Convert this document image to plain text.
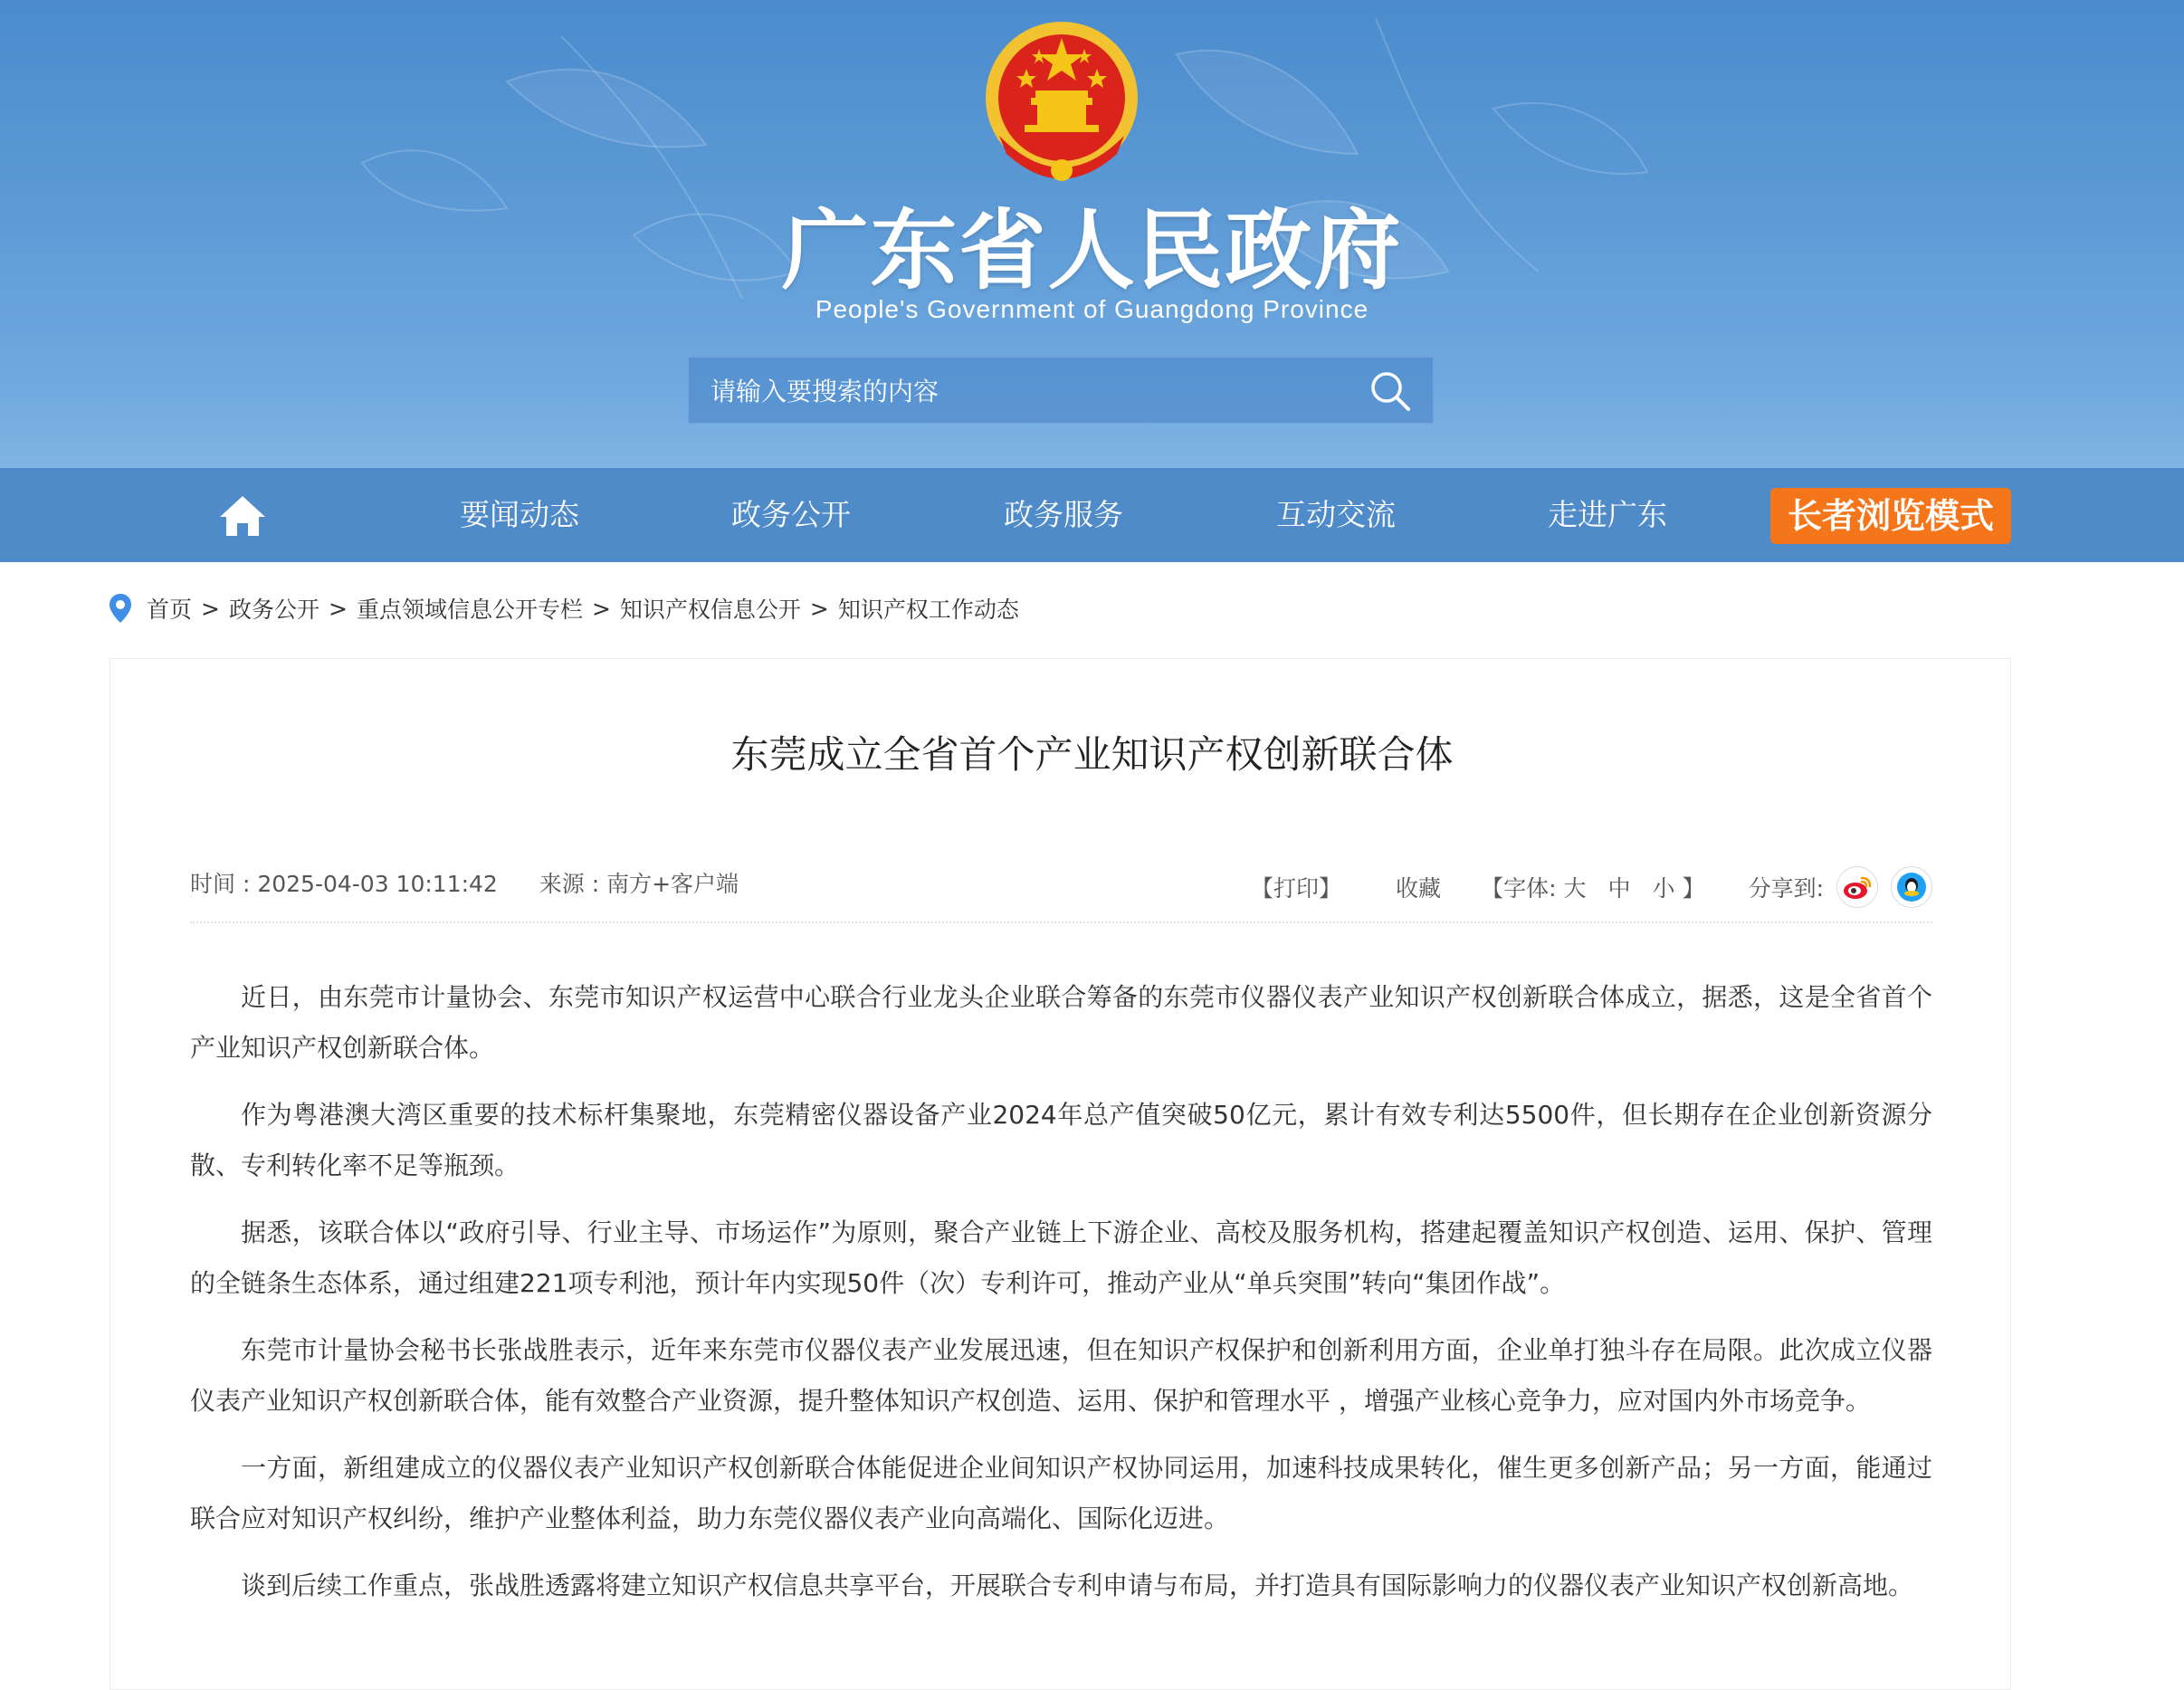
广东省人民政府
People's Government of Guangdong Province
请输入要搜索的内容
要闻动态	政务公开	政务服务	互动交流	走进广东	长者浏览模式
首页 > 政务公开 > 重点领域信息公开专栏 > 知识产权信息公开 > 知识产权工作动态
东莞成立全省首个产业知识产权创新联合体
时间 : 2025-04-03 10:11:42 来源 : 南方+客户端	【打印】 收藏 【字体: 大 中 小 】 分享到:

近日，由东莞市计量协会、东莞市知识产权运营中心联合行业龙头企业联合筹备的东莞市仪器仪表产业知识产权创新联合体成立，据悉，这是全省首个产业知识产权创新联合体。

作为粤港澳大湾区重要的技术标杆集聚地，东莞精密仪器设备产业2024年总产值突破50亿元，累计有效专利达5500件，但长期存在企业创新资源分散、专利转化率不足等瓶颈。

据悉，该联合体以“政府引导、行业主导、市场运作”为原则，聚合产业链上下游企业、高校及服务机构，搭建起覆盖知识产权创造、运用、保护、管理的全链条生态体系，通过组建221项专利池，预计年内实现50件（次）专利许可，推动产业从“单兵突围”转向“集团作战”。

东莞市计量协会秘书长张战胜表示，近年来东莞市仪器仪表产业发展迅速，但在知识产权保护和创新利用方面，企业单打独斗存在局限。此次成立仪器仪表产业知识产权创新联合体，能有效整合产业资源，提升整体知识产权创造、运用、保护和管理水平 ，增强产业核心竞争力，应对国内外市场竞争。

一方面，新组建成立的仪器仪表产业知识产权创新联合体能促进企业间知识产权协同运用，加速科技成果转化，催生更多创新产品；另一方面，能通过联合应对知识产权纠纷，维护产业整体利益，助力东莞仪器仪表产业向高端化、国际化迈进。

谈到后续工作重点，张战胜透露将建立知识产权信息共享平台，开展联合专利申请与布局，并打造具有国际影响力的仪器仪表产业知识产权创新高地。
